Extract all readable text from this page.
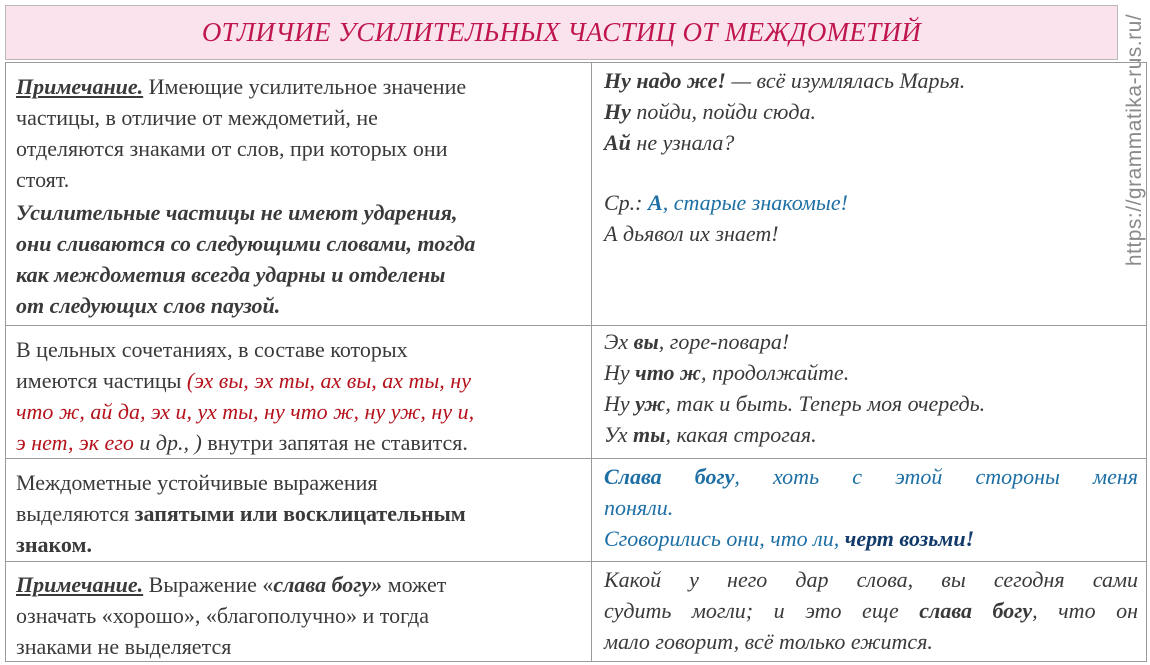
https://grammatika-rus.ru/
ОТЛИЧИЕ УСИЛИТЕЛЬНЫХ ЧАСТИЦ ОТ МЕЖДОМЕТИЙ
Примечание. Имеющие усилительное значение
частицы, в отличие от междометий, не
отделяются знаками от слов, при которых они
стоят.
Усилительные частицы не имеют ударения,
они сливаются со следующими словами, тогда
как междометия всегда ударны и отделены
от следующих слов паузой.
Ну надо же! — всё изумлялась Марья.
Ну пойди, пойди сюда.
Ай не узнала?
Ср.: А, старые знакомые!
А дьявол их знает!
В цельных сочетаниях, в составе которых
имеются частицы (эх вы, эх ты, ах вы, ах ты, ну
что ж, ай да, эх и, ух ты, ну что ж, ну уж, ну и,
э нет, эк его и др., ) внутри запятая не ставится.
Эх вы, горе-повара!
Ну что ж, продолжайте.
Ну уж, так и быть. Теперь моя очередь.
Ух ты, какая строгая.
Междометные устойчивые выражения
выделяются запятыми или восклицательным
знаком.
Слава богу, хоть с этой стороны меня
поняли.
Сговорились они, что ли, черт возьми!
Примечание. Выражение «слава богу» может
означать «хорошо», «благополучно» и тогда
знаками не выделяется
Какой у него дар слова, вы сегодня сами
судить могли; и это еще слава богу, что он
мало говорит, всё только ежится.
